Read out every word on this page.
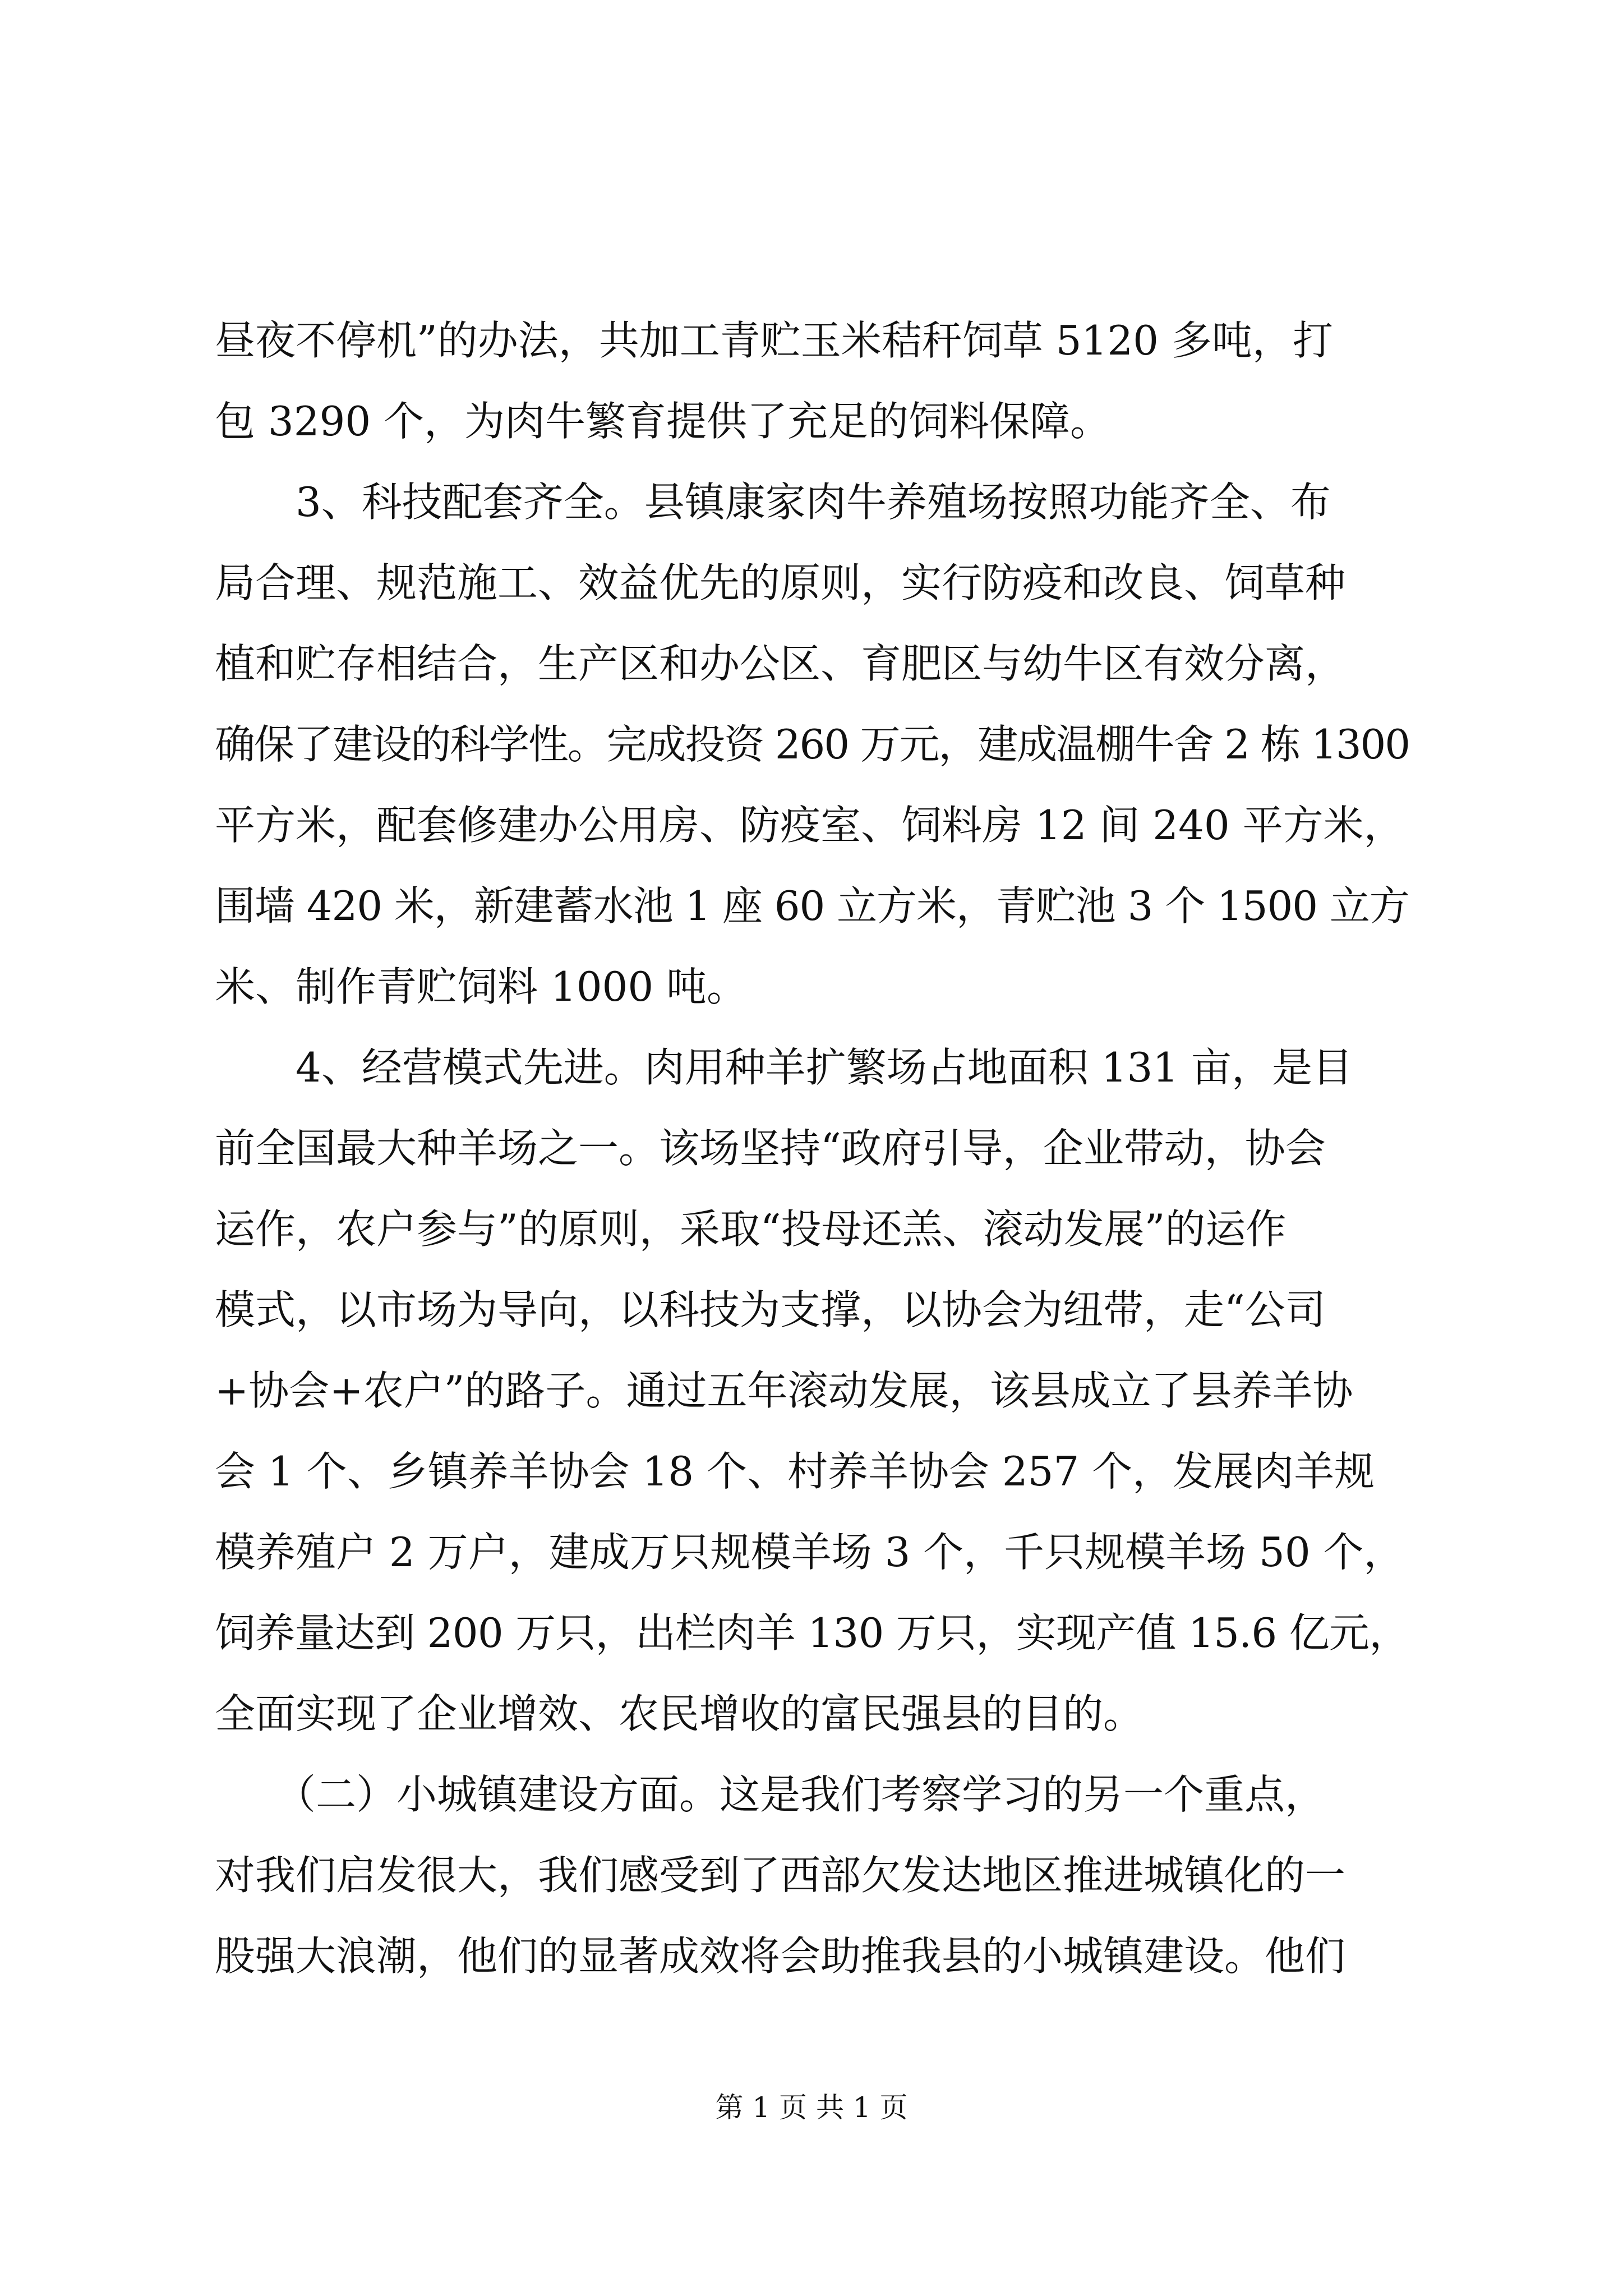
昼夜不停机”的办法，共加工青贮玉米秸秆饲草 5120 多吨，打
包 3290 个，为肉牛繁育提供了充足的饲料保障。
　　3、科技配套齐全。县镇康家肉牛养殖场按照功能齐全、布
局合理、规范施工、效益优先的原则，实行防疫和改良、饲草种
植和贮存相结合，生产区和办公区、育肥区与幼牛区有效分离，
确保了建设的科学性。完成投资 260 万元，建成温棚牛舍 2 栋 1300
平方米，配套修建办公用房、防疫室、饲料房 12 间 240 平方米，
围墙 420 米，新建蓄水池 1 座 60 立方米，青贮池 3 个 1500 立方
米、制作青贮饲料 1000 吨。
　　4、经营模式先进。肉用种羊扩繁场占地面积 131 亩，是目
前全国最大种羊场之一。该场坚持“政府引导，企业带动，协会
运作，农户参与”的原则，采取“投母还羔、滚动发展”的运作
模式，以市场为导向，以科技为支撑，以协会为纽带，走“公司
+协会+农户”的路子。通过五年滚动发展，该县成立了县养羊协
会 1 个、乡镇养羊协会 18 个、村养羊协会 257 个，发展肉羊规
模养殖户 2 万户，建成万只规模羊场 3 个，千只规模羊场 50 个，
饲养量达到 200 万只，出栏肉羊 130 万只，实现产值 15.6 亿元，
全面实现了企业增效、农民增收的富民强县的目的。
　　（二）小城镇建设方面。这是我们考察学习的另一个重点，
对我们启发很大，我们感受到了西部欠发达地区推进城镇化的一
股强大浪潮，他们的显著成效将会助推我县的小城镇建设。他们
第 1 页 共 1 页
